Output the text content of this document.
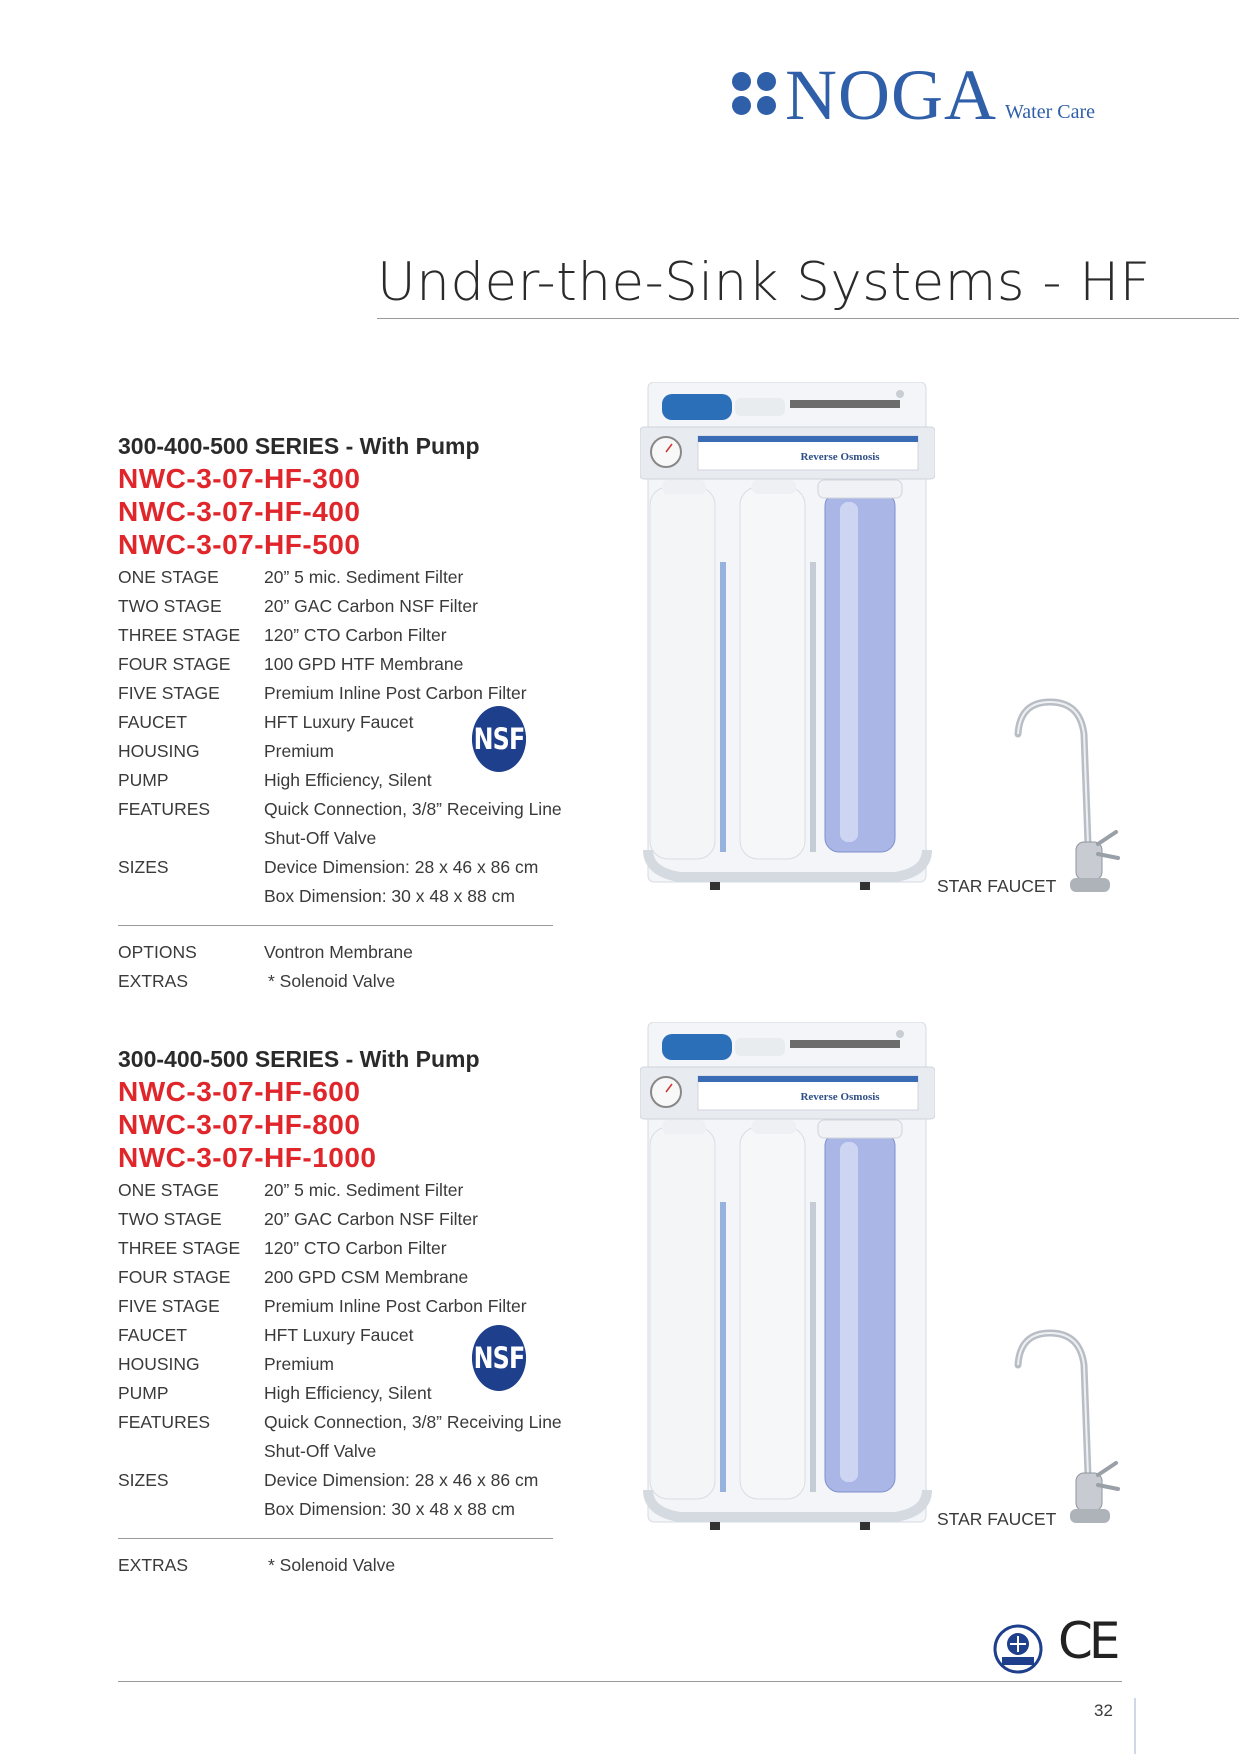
NOGA Water Care
Under-the-Sink Systems - HF
300-400-500 SERIES - With Pump
NWC-3-07-HF-300
NWC-3-07-HF-400
NWC-3-07-HF-500
ONE STAGE	20” 5 mic. Sediment Filter
TWO STAGE	20” GAC Carbon NSF Filter
THREE STAGE	120” CTO Carbon Filter
FOUR STAGE	100 GPD HTF Membrane
FIVE STAGE	Premium Inline Post Carbon Filter
FAUCET	HFT Luxury Faucet
HOUSING	Premium
PUMP	High Efficiency, Silent
FEATURES	Quick Connection, 3/8” Receiving Line
Shut-Off Valve
SIZES	Device Dimension: 28 x 46 x 86 cm
Box Dimension: 30 x 48 x 88 cm
OPTIONS	Vontron Membrane
EXTRAS	* Solenoid Valve
NSF
Reverse Osmosis
STAR FAUCET
300-400-500 SERIES - With Pump
NWC-3-07-HF-600
NWC-3-07-HF-800
NWC-3-07-HF-1000
ONE STAGE	20” 5 mic. Sediment Filter
TWO STAGE	20” GAC Carbon NSF Filter
THREE STAGE	120” CTO Carbon Filter
FOUR STAGE	200 GPD CSM Membrane
FIVE STAGE	Premium Inline Post Carbon Filter
FAUCET	HFT Luxury Faucet
HOUSING	Premium
PUMP	High Efficiency, Silent
FEATURES	Quick Connection, 3/8” Receiving Line
Shut-Off Valve
SIZES	Device Dimension: 28 x 46 x 86 cm
Box Dimension: 30 x 48 x 88 cm
EXTRAS	* Solenoid Valve
NSF
Reverse Osmosis
STAR FAUCET
CE
32
